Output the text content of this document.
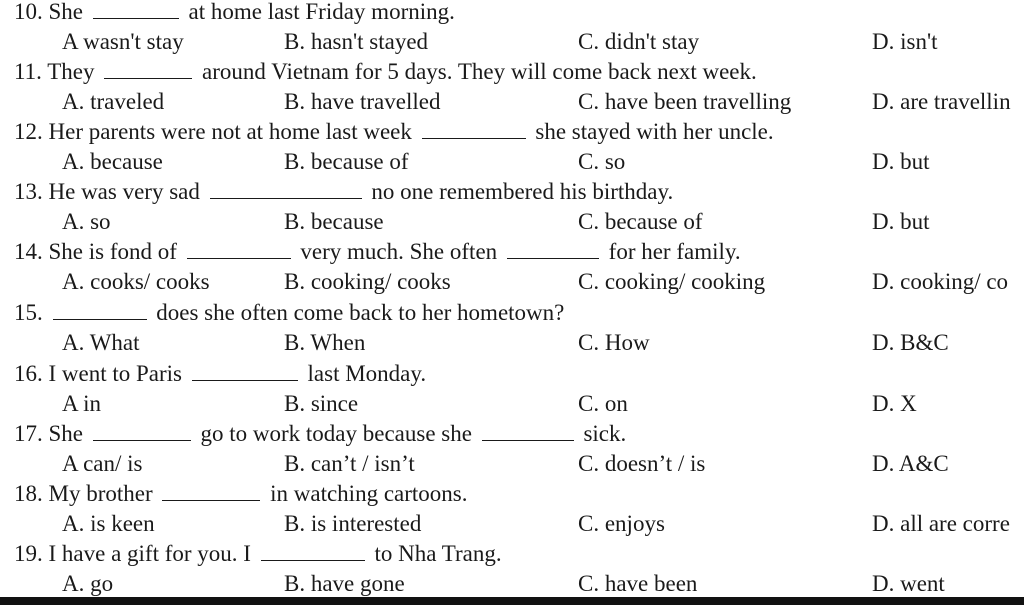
10. She	at home last Friday morning.
A wasn't stay	B. hasn't stayed	C. didn't stay	D. isn't
11. They	around Vietnam for 5 days. They will come back next week.
A. traveled	B. have travelled	C. have been travelling	D. are travellin
12. Her parents were not at home last week	she stayed with her uncle.
A. because	B. because of	C. so	D. but
13. He was very sad	no one remembered his birthday.
A. so	B. because	C. because of	D. but
14. She is fond of	very much. She often	for her family.
A. cooks/ cooks	B. cooking/ cooks	C. cooking/ cooking	D. cooking/ co
15.	does she often come back to her hometown?
A. What	B. When	C. How	D. B&C
16. I went to Paris	last Monday.
A in	B. since	C. on	D. X
17. She	go to work today because she	sick.
A can/ is	B. can’t / isn’t	C. doesn’t / is	D. A&C
18. My brother	in watching cartoons.
A. is keen	B. is interested	C. enjoys	D. all are corre
19. I have a gift for you. I	to Nha Trang.
A. go	B. have gone	C. have been	D. went
